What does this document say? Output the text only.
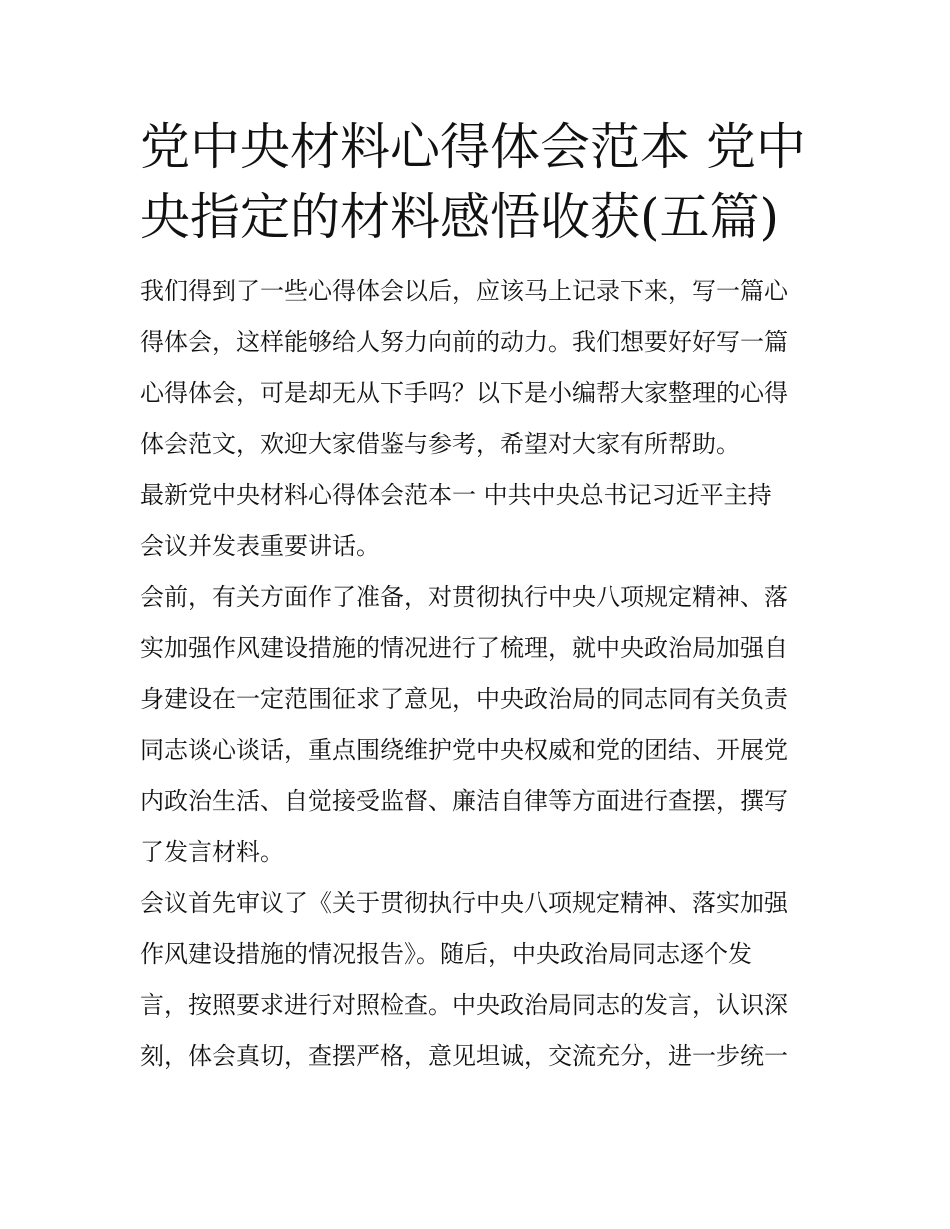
党中央材料心得体会范本 党中
央指定的材料感悟收获(五篇)

我们得到了一些心得体会以后，应该马上记录下来，写一篇心
得体会，这样能够给人努力向前的动力。我们想要好好写一篇
心得体会，可是却无从下手吗？以下是小编帮大家整理的心得
体会范文，欢迎大家借鉴与参考，希望对大家有所帮助。

最新党中央材料心得体会范本一 中共中央总书记习近平主持
会议并发表重要讲话。

会前，有关方面作了准备，对贯彻执行中央八项规定精神、落
实加强作风建设措施的情况进行了梳理，就中央政治局加强自
身建设在一定范围征求了意见，中央政治局的同志同有关负责
同志谈心谈话，重点围绕维护党中央权威和党的团结、开展党
内政治生活、自觉接受监督、廉洁自律等方面进行查摆，撰写
了发言材料。

会议首先审议了《关于贯彻执行中央八项规定精神、落实加强
作风建设措施的情况报告》。随后，中央政治局同志逐个发
言，按照要求进行对照检查。中央政治局同志的发言，认识深
刻，体会真切，查摆严格，意见坦诚，交流充分，进一步统一
